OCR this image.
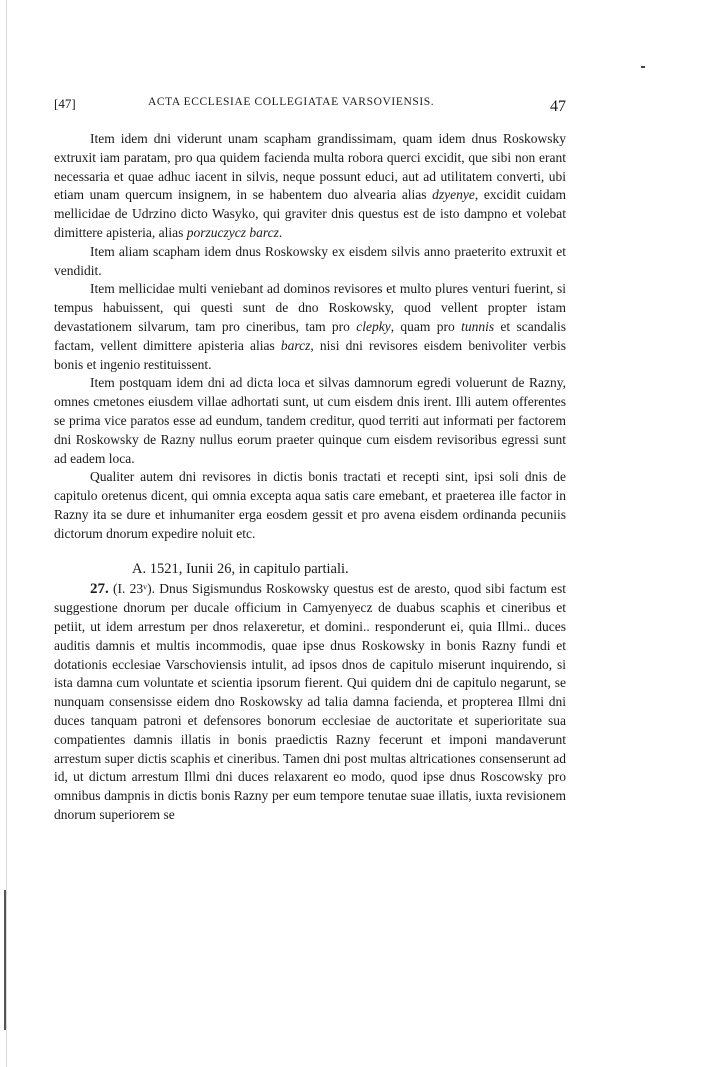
[47]	ACTA ECCLESIAE COLLEGIATAE VARSOVIENSIS.	47

Item idem dni viderunt unam scapham grandissimam, quam idem dnus Roskowsky extruxit iam paratam, pro qua quidem facienda multa robora querci excidit, que sibi non erant necessaria et quae adhuc iacent in silvis, neque possunt educi, aut ad utilitatem converti, ubi etiam unam quercum insignem, in se habentem duo alvearia alias dzyenye, excidit cuidam mellicidae de Udrzino dicto Wasyko, qui graviter dnis questus est de isto dampno et volebat dimittere apisteria, alias porzuczycz barcz.

Item aliam scapham idem dnus Roskowsky ex eisdem silvis anno praeterito extruxit et vendidit.

Item mellicidae multi veniebant ad dominos revisores et multo plures venturi fuerint, si tempus habuissent, qui questi sunt de dno Roskowsky, quod vellent propter istam devastationem silvarum, tam pro cineribus, tam pro clepky, quam pro tunnis et scandalis factam, vellent dimittere apisteria alias barcz, nisi dni revisores eisdem benivoliter verbis bonis et ingenio restituissent.

Item postquam idem dni ad dicta loca et silvas damnorum egredi voluerunt de Razny, omnes cmetones eiusdem villae adhortati sunt, ut cum eisdem dnis irent. Illi autem offerentes se prima vice paratos esse ad eundum, tandem creditur, quod territi aut informati per factorem dni Roskowsky de Razny nullus eorum praeter quinque cum eisdem revisoribus egressi sunt ad eadem loca.

Qualiter autem dni revisores in dictis bonis tractati et recepti sint, ipsi soli dnis de capitulo oretenus dicent, qui omnia excepta aqua satis care emebant, et praeterea ille factor in Razny ita se dure et inhumaniter erga eosdem gessit et pro avena eisdem ordinanda pecuniis dictorum dnorum expedire noluit etc.

A. 1521, Iunii 26, in capitulo partiali.

27. (I. 23ᵛ). Dnus Sigismundus Roskowsky questus est de aresto, quod sibi factum est suggestione dnorum per ducale officium in Camyenyecz de duabus scaphis et cineribus et petiit, ut idem arrestum per dnos relaxeretur, et domini.. responderunt ei, quia Illmi.. duces auditis damnis et multis incommodis, quae ipse dnus Roskowsky in bonis Razny fundi et dotationis ecclesiae Varschoviensis intulit, ad ipsos dnos de capitulo miserunt inquirendo, si ista damna cum voluntate et scientia ipsorum fierent. Qui quidem dni de capitulo negarunt, se nunquam consensisse eidem dno Roskowsky ad talia damna facienda, et propterea Illmi dni duces tanquam patroni et defensores bonorum ecclesiae de auctoritate et superioritate sua compatientes damnis illatis in bonis praedictis Razny fecerunt et imponi mandaverunt arrestum super dictis scaphis et cineribus. Tamen dni post multas altricationes consenserunt ad id, ut dictum arrestum Illmi dni duces relaxarent eo modo, quod ipse dnus Roscowsky pro omnibus dampnis in dictis bonis Razny per eum tempore tenutae suae illatis, iuxta revisionem dnorum superiorem se
